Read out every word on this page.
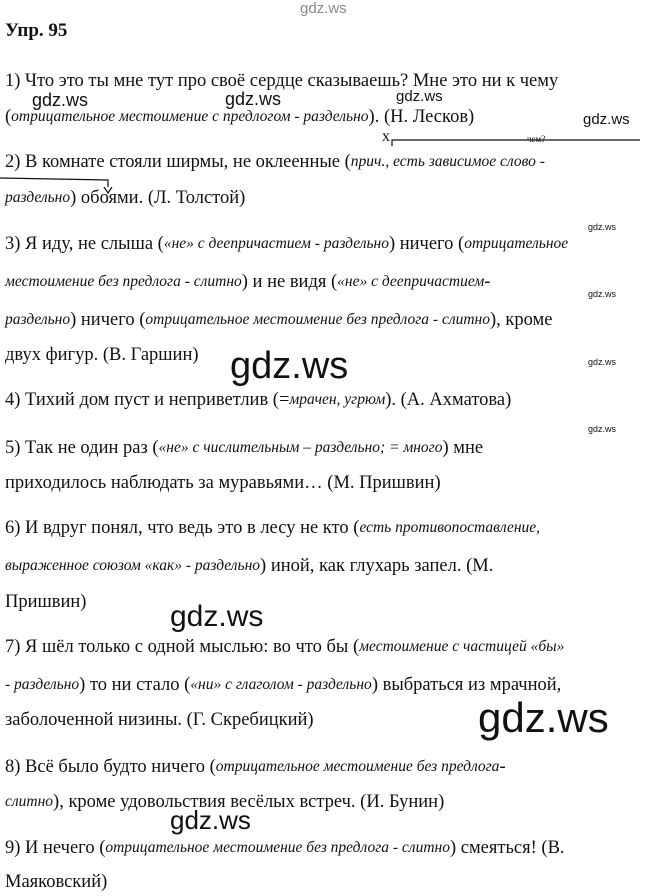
gdz.ws
Упр. 95
1) Что это ты мне тут про своё сердце сказываешь? Мне это ни к чему
( отрицательное местоимение с предлогом - раздельно ). (Н. Лесков)
2) В комнате стояли ширмы, не оклеенные ( прич., есть зависимое слово -
раздельно ) обоями. (Л. Толстой)
3) Я иду, не слыша ( «не» с деепричастием - раздельно ) ничего ( отрицательное
местоимение без предлога - слитно ) и не видя ( «не» с деепричастием -
раздельно ) ничего ( отрицательное местоимение без предлога - слитно ), кроме
двух фигур. (В. Гаршин)
4) Тихий дом пуст и неприветлив (= мрачен, угрюм ). (А. Ахматова)
5) Так не один раз ( «не» с числительным – раздельно; = много ) мне
приходилось наблюдать за муравьями… (М. Пришвин)
6) И вдруг понял, что ведь это в лесу не кто ( есть противопоставление,
выраженное союзом «как» - раздельно ) иной, как глухарь запел. (М.
Пришвин)
7) Я шёл только с одной мыслью: во что бы ( местоимение с частицей «бы»
- раздельно ) то ни стало ( «ни» с глаголом - раздельно ) выбраться из мрачной,
заболоченной низины. (Г. Скребицкий)
8) Всё было будто ничего ( отрицательное местоимение без предлога -
слитно ), кроме удовольствия весёлых встреч. (И. Бунин)
9) И нечего ( отрицательное местоимение без предлога - слитно ) смеяться! (В.
Маяковский)
x	чем?
gdz.ws	gdz.ws	gdz.ws
gdz.ws
gdz.ws
gdz.ws
gdz.ws	gdz.ws
gdz.ws
gdz.ws
gdz.ws
gdz.ws
